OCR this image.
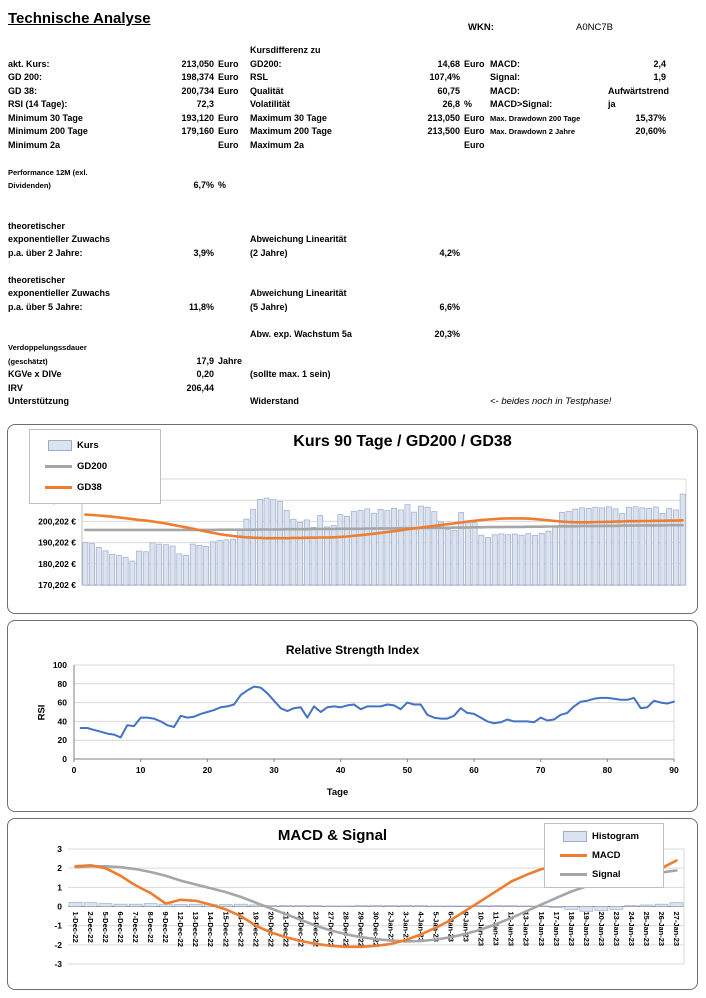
Technische Analyse
WKN:	A0NC7B
Kursdifferenz zu
akt. Kurs:	213,050 Euro	GD200:	14,68 Euro MACD:	2,4
GD 200:	198,374 Euro	RSL	107,4%	Signal:	1,9
GD 38:	200,734 Euro	Qualität	60,75	MACD:	Aufwärtstrend
RSI (14 Tage):	72,3	Volatilität	26,8 %	MACD>Signal:	ja
Minimum 30 Tage	193,120 Euro	Maximum 30 Tage	213,050 Euro Max. Drawdown 200 Tage	15,37%
Minimum 200 Tage	179,160 Euro	Maximum 200 Tage	213,500 Euro Max. Drawdown 2 Jahre	20,60%
Minimum 2a	Euro	Maximum 2a	Euro
Performance 12M (exl.
Dividenden)	6,7% %
theoretischer
exponentieller Zuwachs	Abweichung Linearität
p.a. über 2 Jahre:	3,9%	(2 Jahre)	4,2%
theoretischer
exponentieller Zuwachs	Abweichung Linearität
p.a. über 5 Jahre:	11,8%	(5 Jahre)	6,6%
Abw. exp. Wachstum 5a	20,3%
Verdoppelungssdauer
(geschätzt)	17,9 Jahre
KGVe x DIVe	0,20	(sollte max. 1 sein)
IRV	206,44
Unterstützung	Widerstand	<- beides noch in Testphase!
170,202 €
180,202 €
190,202 €
200,202 €
Kurs 90 Tage / GD200 / GD38
Kurs
GD200
GD38
0
20
40
60
80
100
0	10	20	30	40	50	60	70	80	90
Relative Strength Index
RSI
Tage
3
2
1
0
-1
-2
-3
1-Dec-22 2-Dec-22 5-Dec-22 6-Dec-22 7-Dec-22 8-Dec-22 9-Dec-22 12-Dec-22 13-Dec-22 14-Dec-22 15-Dec-22 16-Dec-22 19-Dec-22 20-Dec-22 21-Dec-22 22-Dec-22 23-Dec-22 27-Dec-22 28-Dec-22 29-Dec-22 30-Dec-22 2-Jan-23 3-Jan-23 4-Jan-23 5-Jan-23 6-Jan-23 9-Jan-23 10-Jan-23 11-Jan-23 12-Jan-23 13-Jan-23 16-Jan-23 17-Jan-23 18-Jan-23 19-Jan-23 20-Jan-23 23-Jan-23 24-Jan-23 25-Jan-23 26-Jan-23 27-Jan-23
MACD & Signal	Histogram
MACD
Signal
